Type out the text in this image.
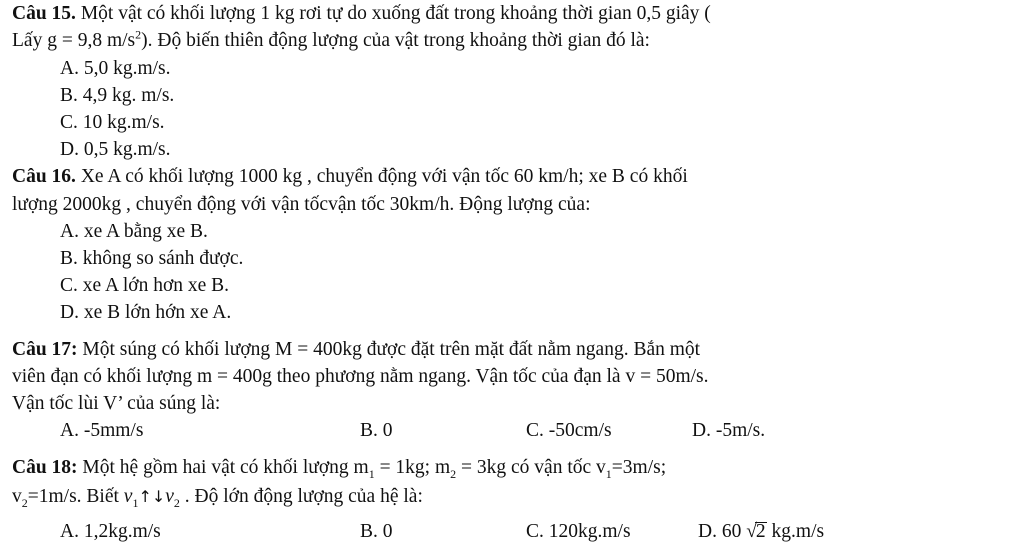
Câu 15. Một vật có khối lượng 1 kg rơi tự do xuống đất trong khoảng thời gian 0,5 giây (
Lấy g = 9,8 $m/s^2$). Độ biến thiên động lượng của vật trong khoảng thời gian đó là:
A. 5,0 kg.m/s.
B. 4,9 kg. m/s.
C. 10 kg.m/s.
D. 0,5 kg.m/s.
Câu 16. Xe A có khối lượng 1000 kg , chuyển động với vận tốc 60 km/h; xe B có khối
lượng 2000kg , chuyển động với vận tốcvận tốc 30km/h. Động lượng của:
A. xe A bằng xe B.
B. không so sánh được.
C. xe A lớn hơn xe B.
D. xe B lớn hớn xe A.
Câu 17: Một súng có khối lượng M = 400kg được đặt trên mặt đất nằm ngang. Bắn một
viên đạn có khối lượng m = 400g theo phương nằm ngang. Vận tốc của đạn là v = 50m/s.
Vận tốc lùi V’ của súng là:
A. -5mm/s	B. 0	C. -50cm/s	D. -5m/s.
Câu 18: Một hệ gồm hai vật có khối lượng $m_1 = 1kg$; $m_2 = 3kg$ có vận tốc $v_1=3m/s$;
$v_2=1m/s$. Biết $v_1↑↓v_2$ . Độ lớn động lượng của hệ là:
A. 1,2kg.m/s	B. 0	C. 120kg.m/s	D. 60 √2 kg.m/s
